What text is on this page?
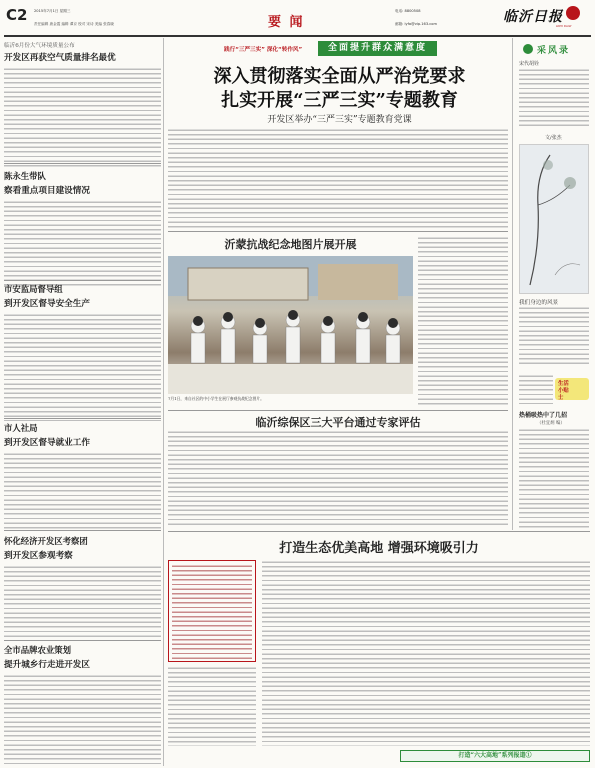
C2 2015年7月1日 星期三
责任编辑 唐金霞 编辑 谭京 校对 宋诗 美编 张春晓	要 闻
电话: 8800508
邮箱: lyfa@vip.163.com	临沂日报
LINYI DAILY
临沂6月份大气环境质量公布
开发区再获空气质量排名最优
陈永生带队
察看重点项目建设情况
市安监局督导组
到开发区督导安全生产
市人社局
到开发区督导就业工作
怀化经济开发区考察团
到开发区参观考察
全市品牌农业策划
提升城乡行走进开发区
践行“三严三实” 深化“转作风”	全面提升群众满意度
深入贯彻落实全面从严治党要求
扎实开展“三严三实”专题教育
开发区举办“三严三实”专题教育党课
沂蒙抗战纪念地图片展开展
7月1日，来自社区的中小学生在展厅参观抗战纪念图片。
临沂综保区三大平台通过专家评估
打造生态优美高地 增强环境吸引力
打造“六大高地”系列报道①
采风录
宋代胡铨
文/张杰
我们身边的风景
生活小贴士
热桶吸热中了几招
（杜宜炳 编）
